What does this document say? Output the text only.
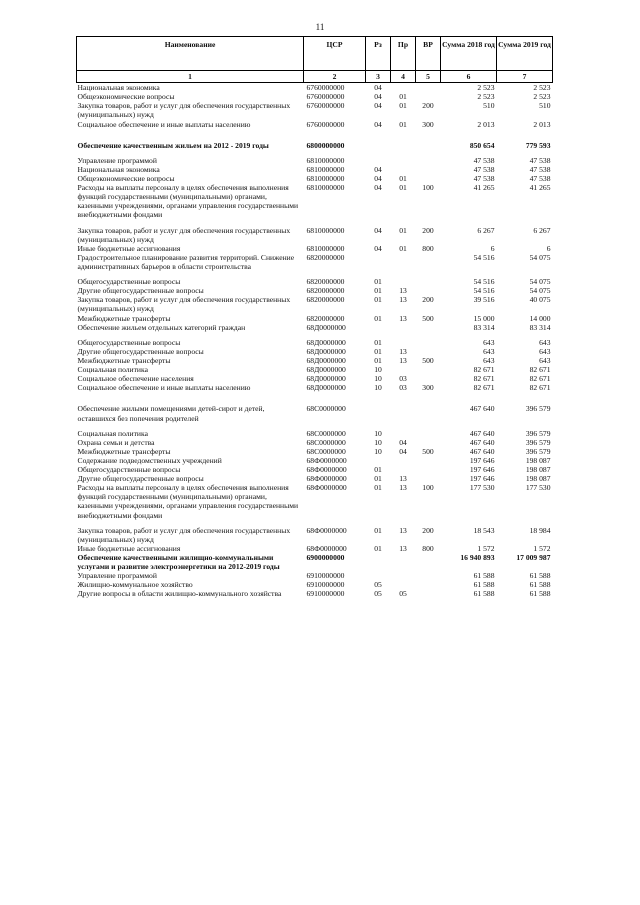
11
Наименование	ЦСР	Рз	Пр	ВР	Сумма 2018 год	Сумма 2019 год
1	2	3	4	5	6	7
Национальная экономика	6760000000	04			2 523	2 523
Общеэкономические вопросы	6760000000	04	01		2 523	2 523
Закупка товаров, работ и услуг для обеспечения государственных (муниципальных) нужд	6760000000	04	01	200	510	510
Социальное обеспечение и иные выплаты населению	6760000000	04	01	300	2 013	2 013

Обеспечение качественным жильем на 2012 - 2019 годы	6800000000				850 654	779 593

Управление программой	6810000000				47 538	47 538
Национальная экономика	6810000000	04			47 538	47 538
Общеэкономические вопросы	6810000000	04	01		47 538	47 538
Расходы на выплаты персоналу в целях обеспечения выполнения функций государственными (муниципальными) органами, казенными учреждениями, органами управления государственными внебюджетными фондами	6810000000	04	01	100	41 265	41 265

Закупка товаров, работ и услуг для обеспечения государственных (муниципальных) нужд	6810000000	04	01	200	6 267	6 267
Иные бюджетные ассигнования	6810000000	04	01	800	6	6
Градостроительное планирование развития территорий. Снижение административных барьеров в области строительства	6820000000				54 516	54 075

Общегосударственные вопросы	6820000000	01			54 516	54 075
Другие общегосударственные вопросы	6820000000	01	13		54 516	54 075
Закупка товаров, работ и услуг для обеспечения государственных (муниципальных) нужд	6820000000	01	13	200	39 516	40 075
Межбюджетные трансферты	6820000000	01	13	500	15 000	14 000
Обеспечение жильем отдельных категорий граждан	68Д0000000				83 314	83 314

Общегосударственные вопросы	68Д0000000	01			643	643
Другие общегосударственные вопросы	68Д0000000	01	13		643	643
Межбюджетные трансферты	68Д0000000	01	13	500	643	643
Социальная политика	68Д0000000	10			82 671	82 671
Социальное обеспечение населения	68Д0000000	10	03		82 671	82 671
Социальное обеспечение и иные выплаты населению	68Д0000000	10	03	300	82 671	82 671

Обеспечение жилыми помещениями детей-сирот и детей, оставшихся без попечения родителей	68С0000000				467 640	396 579

Социальная политика	68С0000000	10			467 640	396 579
Охрана семьи и детства	68С0000000	10	04		467 640	396 579
Межбюджетные трансферты	68С0000000	10	04	500	467 640	396 579
Содержание подведомственных учреждений	68Ф0000000				197 646	198 087
Общегосударственные вопросы	68Ф0000000	01			197 646	198 087
Другие общегосударственные вопросы	68Ф0000000	01	13		197 646	198 087
Расходы на выплаты персоналу в целях обеспечения выполнения функций государственными (муниципальными) органами, казенными учреждениями, органами управления государственными внебюджетными фондами	68Ф0000000	01	13	100	177 530	177 530

Закупка товаров, работ и услуг для обеспечения государственных (муниципальных) нужд	68Ф0000000	01	13	200	18 543	18 984
Иные бюджетные ассигнования	68Ф0000000	01	13	800	1 572	1 572
Обеспечение качественными жилищно-коммунальными услугами и развитие электроэнергетики на 2012-2019 годы	6900000000				16 940 893	17 009 987
Управление программой	6910000000				61 588	61 588
Жилищно-коммунальное хозяйство	6910000000	05			61 588	61 588
Другие вопросы в области жилищно-коммунального хозяйства	6910000000	05	05		61 588	61 588
